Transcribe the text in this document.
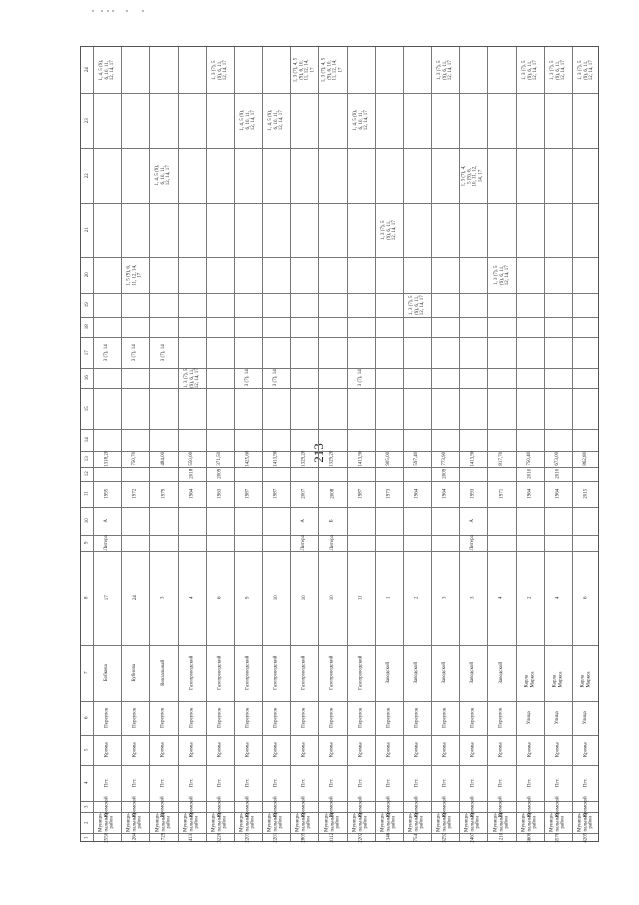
213
1
2
3
4
5
6
7
8
9
10
11
12
13
14
15
16
17
18
19
20
21
22
23
24
2550
Муници-
пальный
район
Кромской
Пгт.
Кромы
Переулок
Бобкова
17
Литера
А
1995
1318,20
3 (7), 14
1, 4, 5 (9),
6, 10, 11,
12, 14, 17
1264
Муници-
пальный
район
Кромской
Пгт.
Кромы
Переулок
Бубнова
24
1972
750,70
3 (7), 14
1, 5 (9), 6,
11, 12, 14,
17
1729
Муници-
пальный
район
Кромской
Пгт.
Кромы
Переулок
Вокзальный
3
1979
484,00
3 (7), 14
1, 4, 5 (9),
6, 10, 11,
12, 14, 17
413
Муници-
пальный
район
Кромской
Пгт.
Кромы
Переулок
Газопроводский
4
1964
2018
550,00
1, 3 (7), 5
(9), 6, 11,
12, 14, 17
3220
Муници-
пальный
район
Кромской
Пгт.
Кромы
Переулок
Газопроводский
6
1963
2009
371,50
1, 3 (7), 5
(9), 6, 11,
12, 14, 17
2203
Муници-
пальный
район
Кромской
Пгт.
Кромы
Переулок
Газопроводский
9
1987
1425,60
3 (7), 14
1, 4, 5 (9),
6, 10, 11,
12, 14, 17
2201
Муници-
пальный
район
Кромской
Пгт.
Кромы
Переулок
Газопроводский
10
1987
1413,90
3 (7), 14
1, 4, 5 (9),
6, 10, 11,
12, 14, 17
2805
Муници-
пальный
район
Кромской
Пгт.
Кромы
Переулок
Газопроводский
10
Литера
А
2007
1329,20
1, 3 (7), 4, 5
(9), 6, 10,
11, 12, 14,
17
3112
Муници-
пальный
район
Кромской
Пгт.
Кромы
Переулок
Газопроводский
10
Литера
Б
2008
1329,20
1, 3 (7), 4, 5
(9), 6, 10,
11, 12, 14,
17
2202
Муници-
пальный
район
Кромской
Пгт.
Кромы
Переулок
Газопроводский
11
1987
1413,90
3 (7), 14
1, 4, 5 (9),
6, 10, 11,
12, 14, 17
1346
Муници-
пальный
район
Кромской
Пгт.
Кромы
Переулок
Заводской
1
1973
905,00
1, 3 (7), 5
(9), 6, 11,
12, 14, 17
754
Муници-
пальный
район
Кромской
Пгт.
Кромы
Переулок
Заводской
2
1964
597,40
1, 3 (7), 5
(9), 6, 11,
12, 14, 17
3292
Муници-
пальный
район
Кромской
Пгт.
Кромы
Переулок
Заводской
3
1964
2009
773,90
1, 3 (7), 5
(9), 6, 11,
12, 14, 17
2467
Муници-
пальный
район
Кромской
Пгт.
Кромы
Переулок
Заводской
3
Литера
А
1993
1413,90
1, 3 (7), 4,
5 (9), 6,
10, 11, 12,
14, 17
1210
Муници-
пальный
район
Кромской
Пгт.
Кромы
Переулок
Заводской
4
1971
817,70
1, 3 (7), 5
(9), 6, 11,
12, 14, 17
3600
Муници-
пальный
район
Кромской
Пгт.
Кромы
Улица
Карла Маркса
2
1964
2010
750,40
1, 3 (7), 5
(9), 6, 11,
12, 14, 17
3570
Муници-
пальный
район
Кромской
Пгт.
Кромы
Улица
Карла Маркса
4
1964
2010
673,00
1, 3 (7), 5
(9), 6, 11,
12, 14, 17
4205
Муници-
пальный
район
Кромской
Пгт.
Кромы
Улица
Карла Маркса
6
2015
862,80
1, 3 (7), 5
(9), 6, 11,
12, 14, 17
